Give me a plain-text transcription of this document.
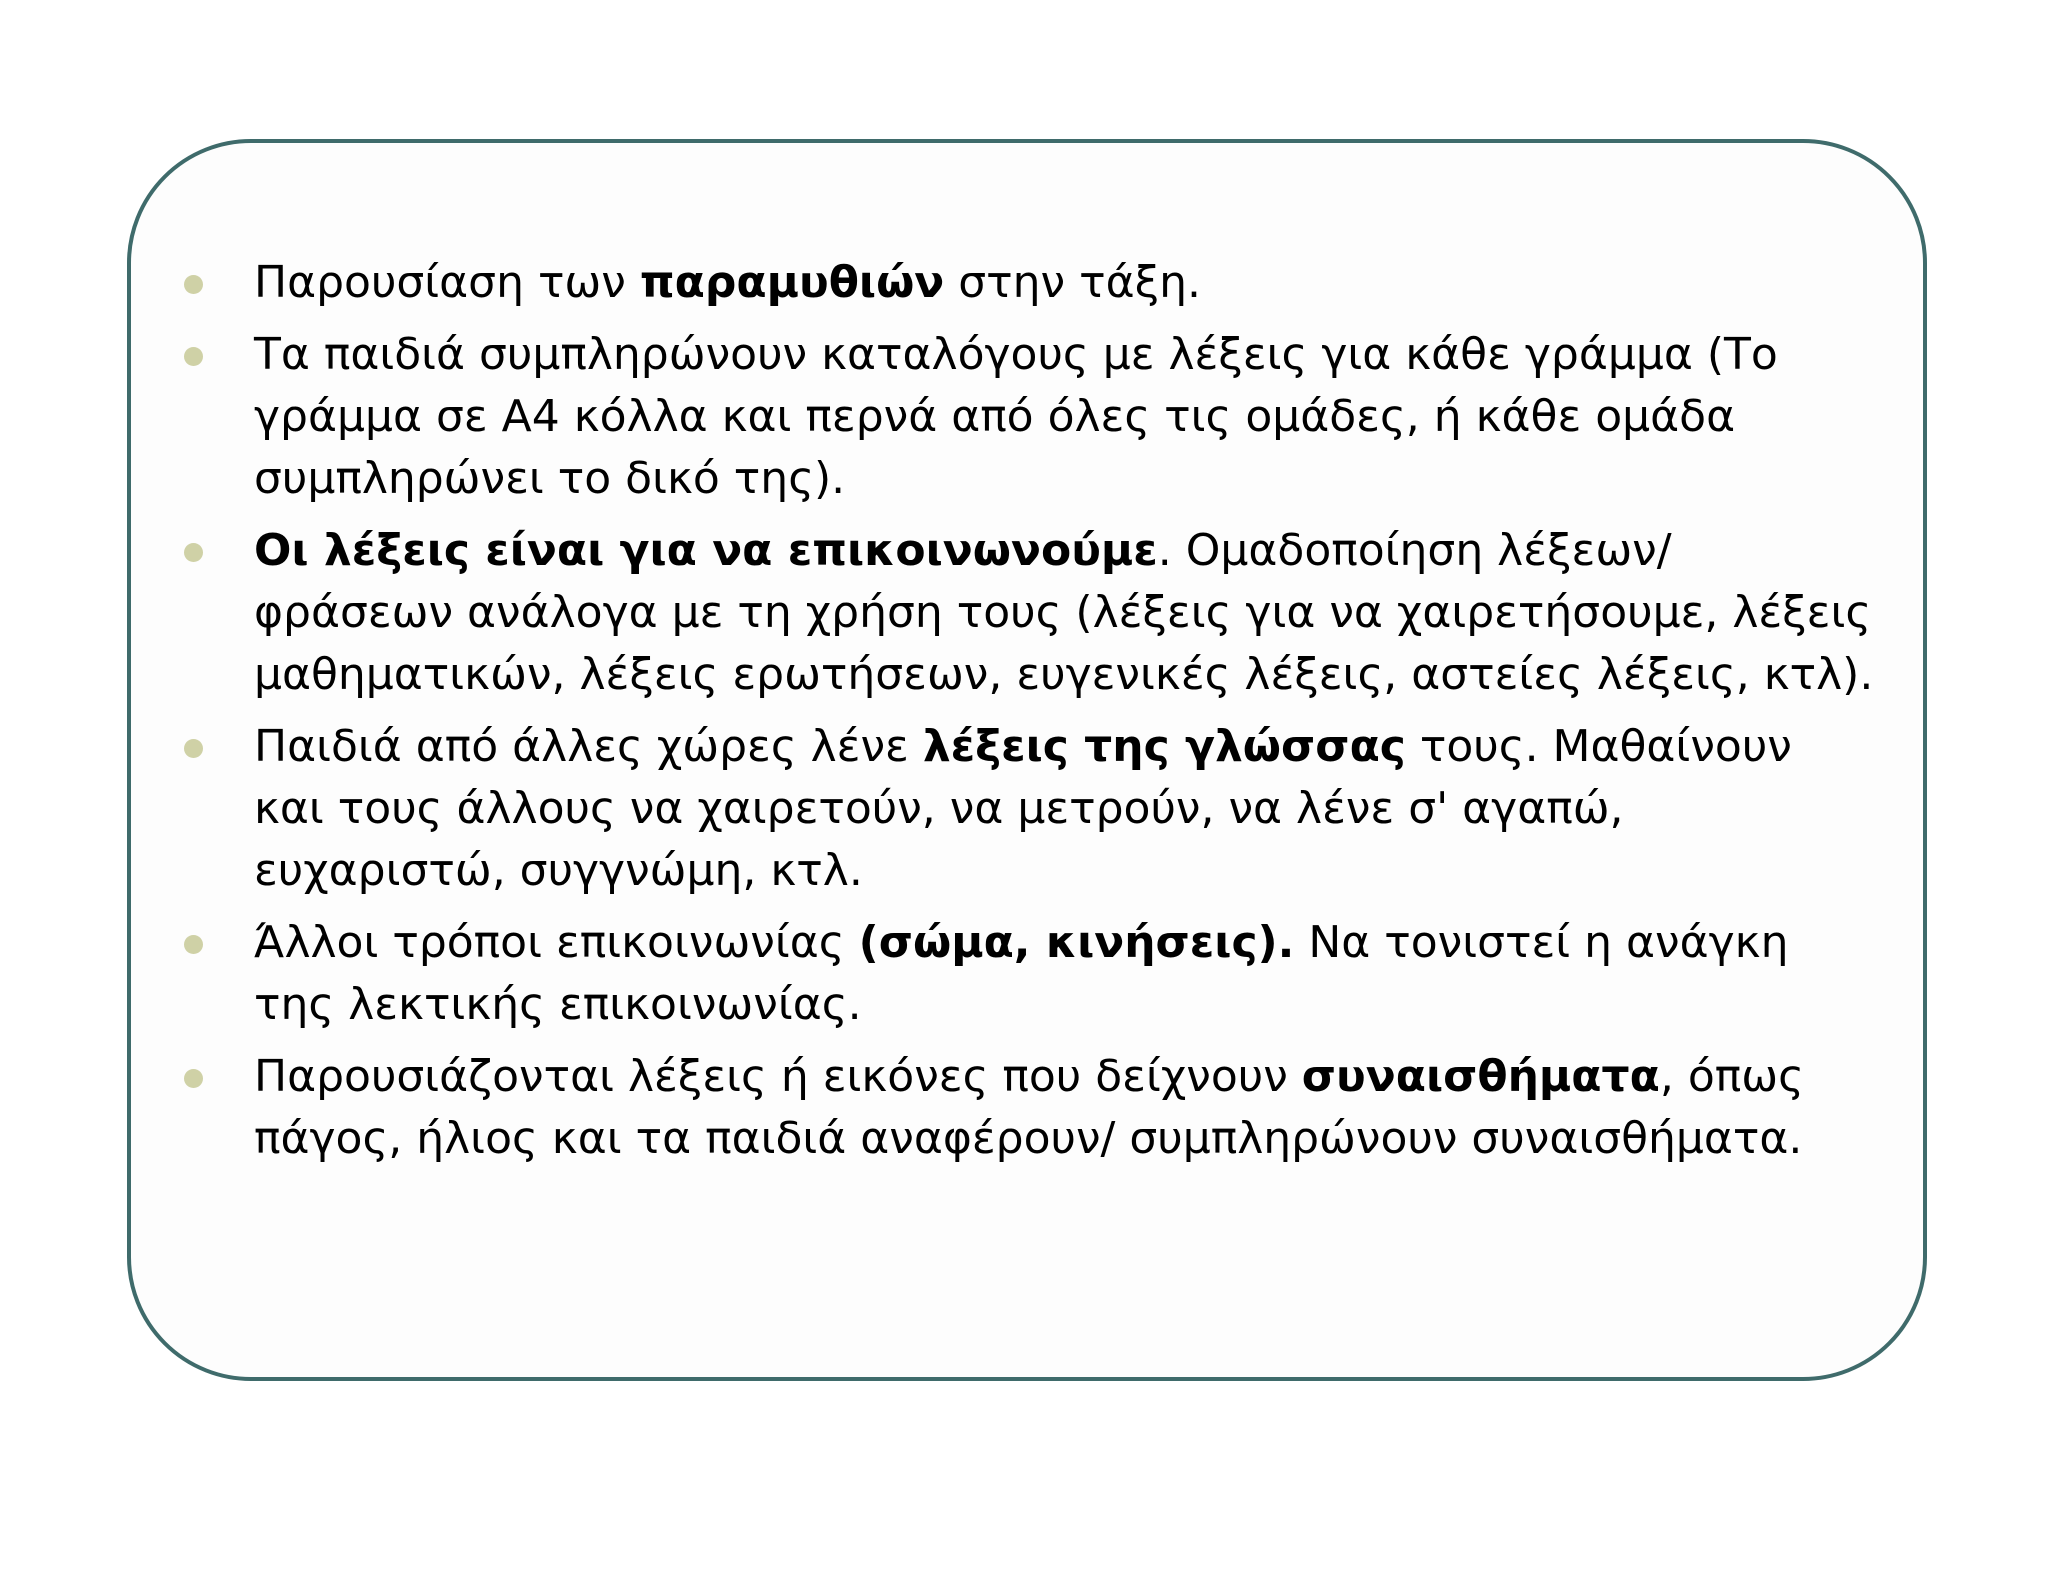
Παρουσίαση των παραμυθιών στην τάξη.
Τα παιδιά συμπληρώνουν καταλόγους με λέξεις για κάθε γράμμα (Το γράμμα σε Α4 κόλλα και περνά από όλες τις ομάδες, ή κάθε ομάδα συμπληρώνει το δικό της).
Οι λέξεις είναι για να επικοινωνούμε. Ομαδοποίηση λέξεων/ φράσεων ανάλογα με τη χρήση τους (λέξεις για να χαιρετήσουμε, λέξεις μαθηματικών, λέξεις ερωτήσεων, ευγενικές λέξεις, αστείες λέξεις, κτλ).
Παιδιά από άλλες χώρες λένε λέξεις της γλώσσας τους. Μαθαίνουν και τους άλλους να χαιρετούν, να μετρούν, να λένε σ' αγαπώ, ευχαριστώ, συγγνώμη, κτλ.
Άλλοι τρόποι επικοινωνίας (σώμα, κινήσεις). Να τονιστεί η ανάγκη της λεκτικής επικοινωνίας.
Παρουσιάζονται λέξεις ή εικόνες που δείχνουν συναισθήματα, όπως πάγος, ήλιος και τα παιδιά αναφέρουν/ συμπληρώνουν συναισθήματα.
